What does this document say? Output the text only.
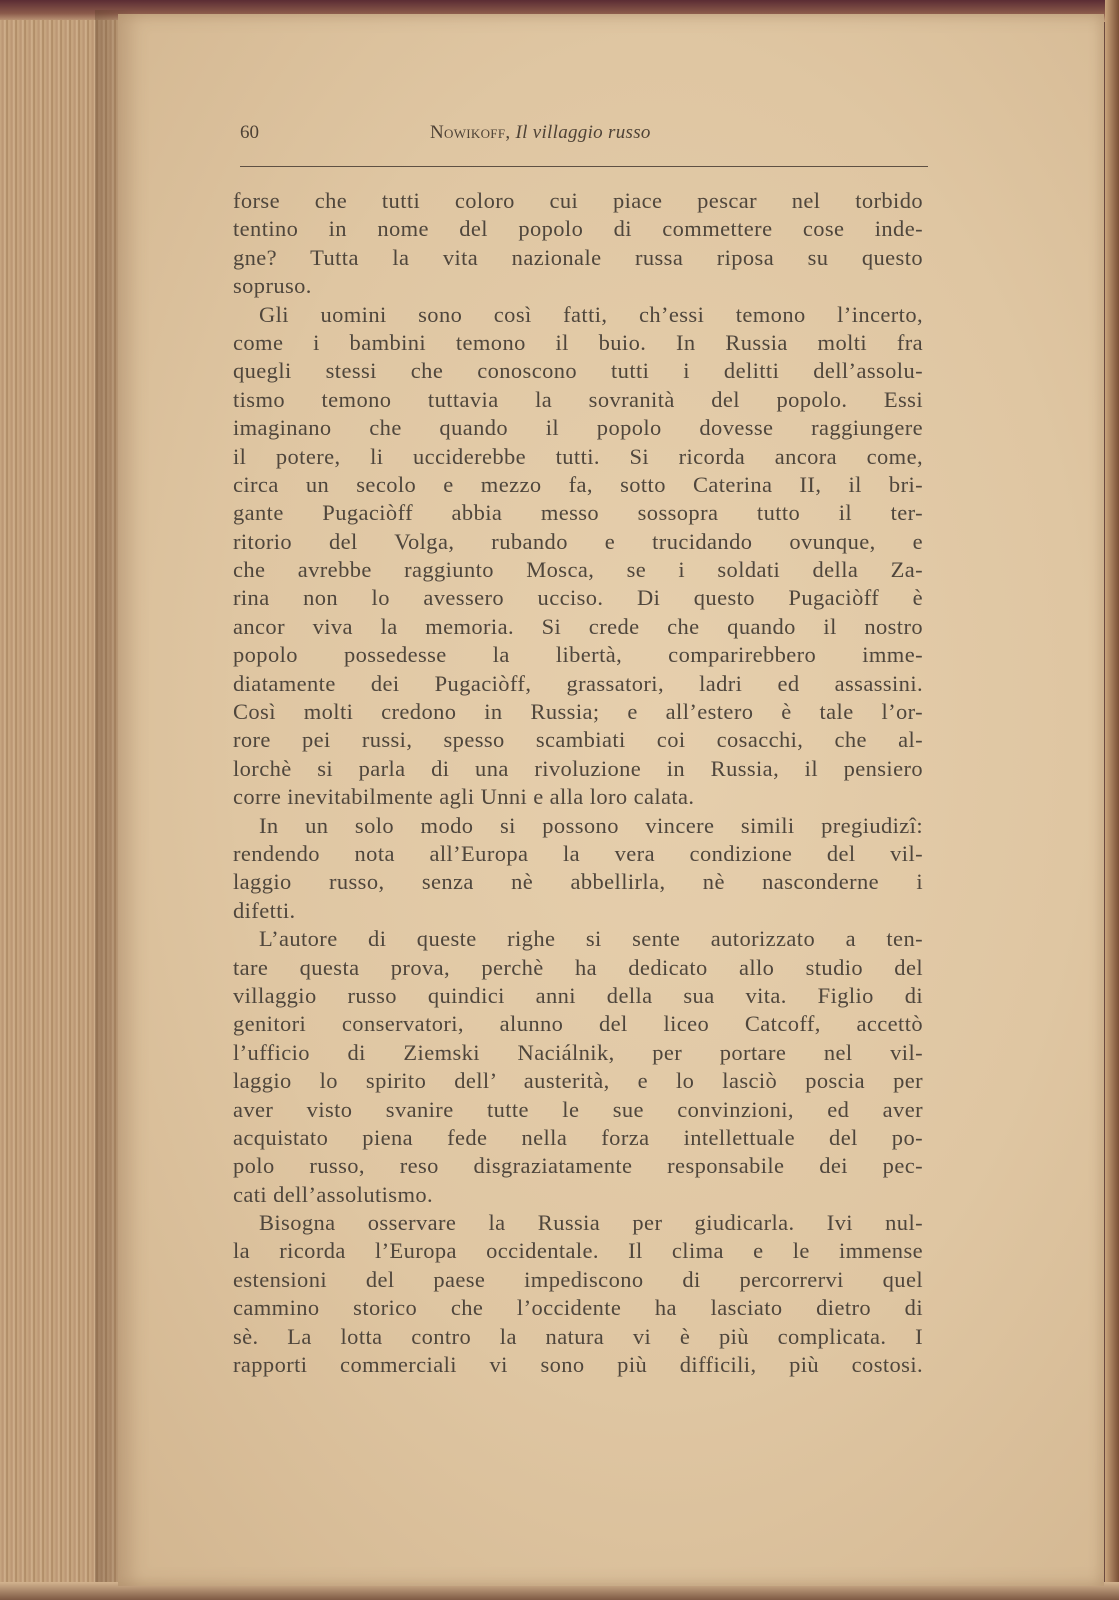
60	Nowikoff, Il villaggio russo
forse che tutti coloro cui piace pescar nel torbido
tentino in nome del popolo di commettere cose inde-
gne? Tutta la vita nazionale russa riposa su questo
sopruso.
Gli uomini sono così fatti, ch’essi temono l’incerto,
come i bambini temono il buio. In Russia molti fra
quegli stessi che conoscono tutti i delitti dell’assolu-
tismo temono tuttavia la sovranità del popolo. Essi
imaginano che quando il popolo dovesse raggiungere
il potere, li ucciderebbe tutti. Si ricorda ancora come,
circa un secolo e mezzo fa, sotto Caterina II, il bri-
gante Pugaciòff abbia messo sossopra tutto il ter-
ritorio del Volga, rubando e trucidando ovunque, e
che avrebbe raggiunto Mosca, se i soldati della Za-
rina non lo avessero ucciso. Di questo Pugaciòff è
ancor viva la memoria. Si crede che quando il nostro
popolo possedesse la libertà, comparirebbero imme-
diatamente dei Pugaciòff, grassatori, ladri ed assassini.
Così molti credono in Russia; e all’estero è tale l’or-
rore pei russi, spesso scambiati coi cosacchi, che al-
lorchè si parla di una rivoluzione in Russia, il pensiero
corre inevitabilmente agli Unni e alla loro calata.
In un solo modo si possono vincere simili pregiudizî:
rendendo nota all’Europa la vera condizione del vil-
laggio russo, senza nè abbellirla, nè nasconderne i
difetti.
L’autore di queste righe si sente autorizzato a ten-
tare questa prova, perchè ha dedicato allo studio del
villaggio russo quindici anni della sua vita. Figlio di
genitori conservatori, alunno del liceo Catcoff, accettò
l’ufficio di Ziemski Naciálnik, per portare nel vil-
laggio lo spirito dell’ austerità, e lo lasciò poscia per
aver visto svanire tutte le sue convinzioni, ed aver
acquistato piena fede nella forza intellettuale del po-
polo russo, reso disgraziatamente responsabile dei pec-
cati dell’assolutismo.
Bisogna osservare la Russia per giudicarla. Ivi nul-
la ricorda l’Europa occidentale. Il clima e le immense
estensioni del paese impediscono di percorrervi quel
cammino storico che l’occidente ha lasciato dietro di
sè. La lotta contro la natura vi è più complicata. I
rapporti commerciali vi sono più difficili, più costosi.
